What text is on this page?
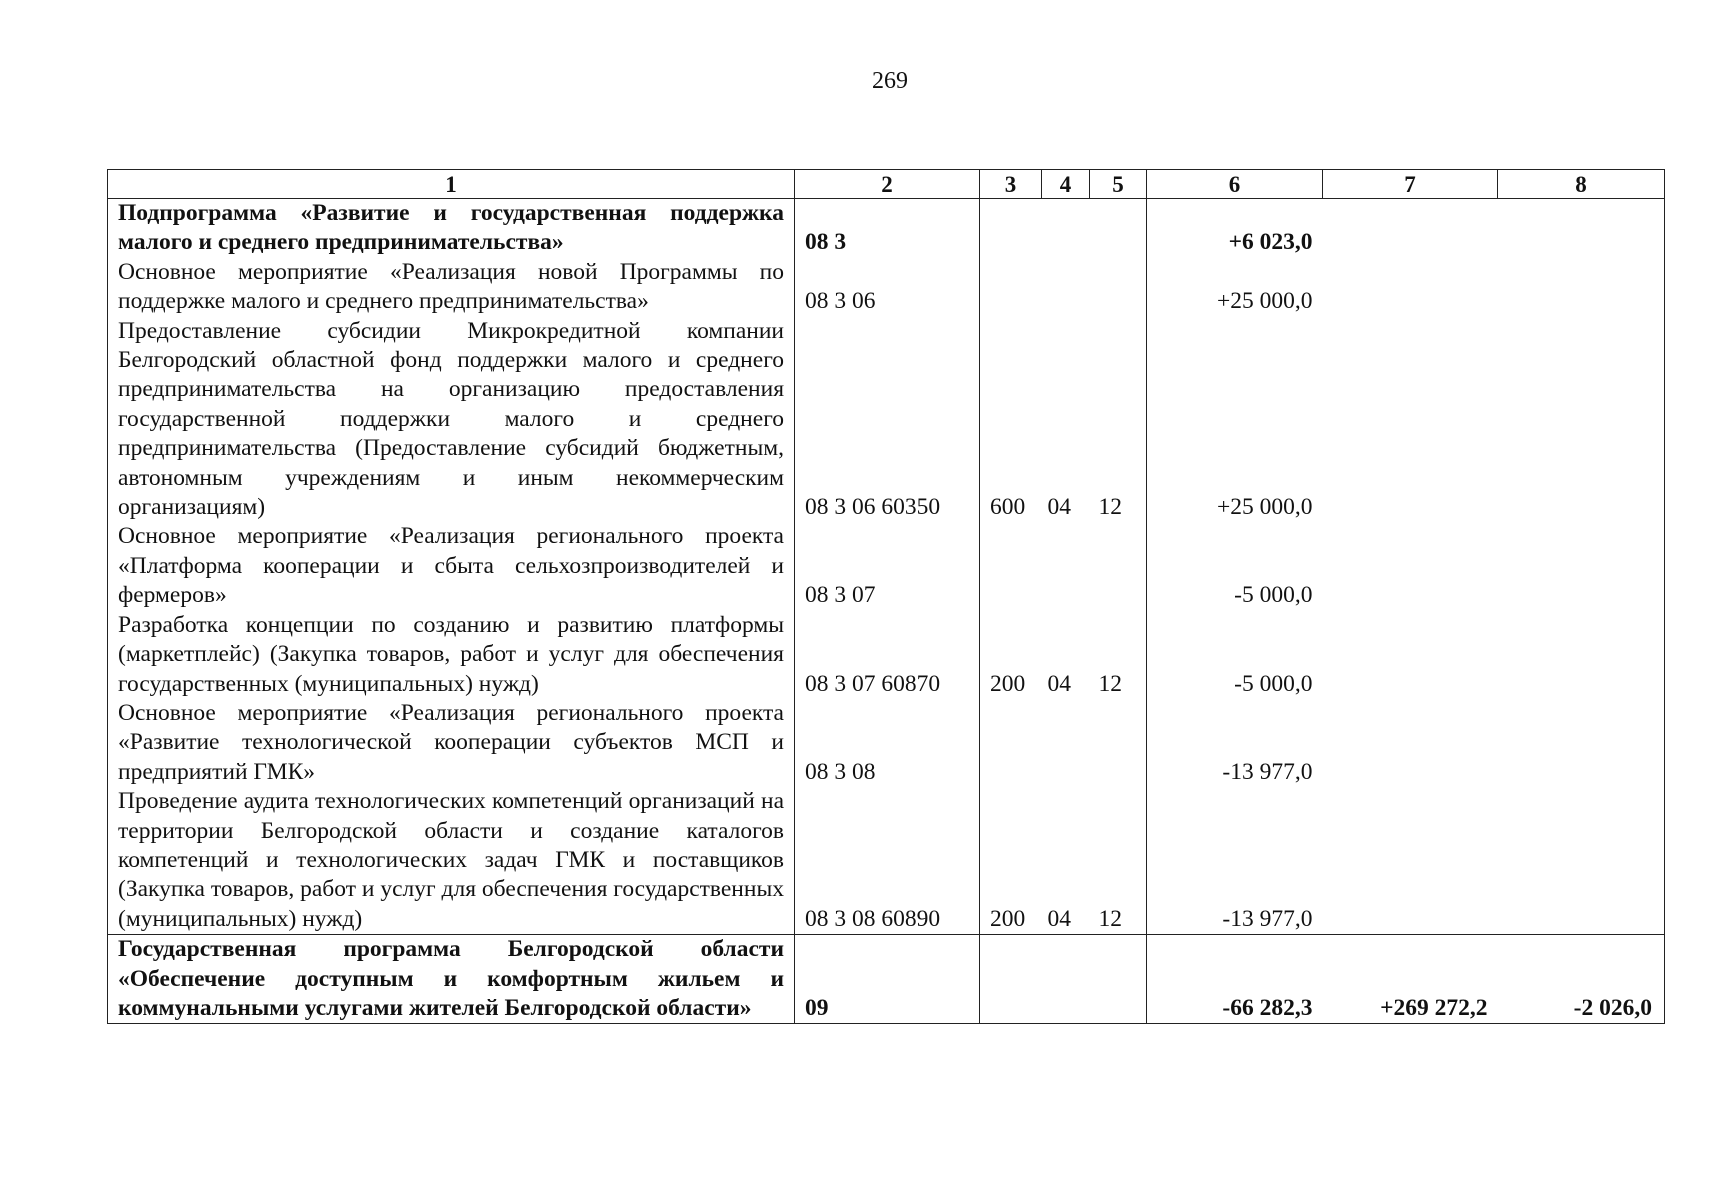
269
1	2	3	4	5	6	7	8
Подпрограмма «Развитие и государственная поддержка малого и среднего предпринимательства»	08 3				+6 023,0		
Основное мероприятие «Реализация новой Программы по поддержке малого и среднего предпринимательства»	08 3 06				+25 000,0		
Предоставление субсидии Микрокредитной компании Белгородский областной фонд поддержки малого и среднего предпринимательства на организацию предоставления государственной поддержки малого и среднего предпринимательства (Предоставление субсидий бюджетным, автономным учреждениям и иным некоммерческим организациям)	08 3 06 60350	600	04	12	+25 000,0		
Основное мероприятие «Реализация регионального проекта «Платформа кооперации и сбыта сельхозпроизводителей и фермеров»	08 3 07				-5 000,0		
Разработка концепции по созданию и развитию платформы (маркетплейс) (Закупка товаров, работ и услуг для обеспечения государственных (муниципальных) нужд)	08 3 07 60870	200	04	12	-5 000,0		
Основное мероприятие «Реализация регионального проекта «Развитие технологической кооперации субъектов МСП и предприятий ГМК»	08 3 08				-13 977,0		
Проведение аудита технологических компетенций организаций на территории Белгородской области и создание каталогов компетенций и технологических задач ГМК и поставщиков (Закупка товаров, работ и услуг для обеспечения государственных (муниципальных) нужд)	08 3 08 60890	200	04	12	-13 977,0		
Государственная программа Белгородской области «Обеспечение доступным и комфортным жильем и коммунальными услугами жителей Белгородской области»	09				-66 282,3	+269 272,2	-2 026,0
